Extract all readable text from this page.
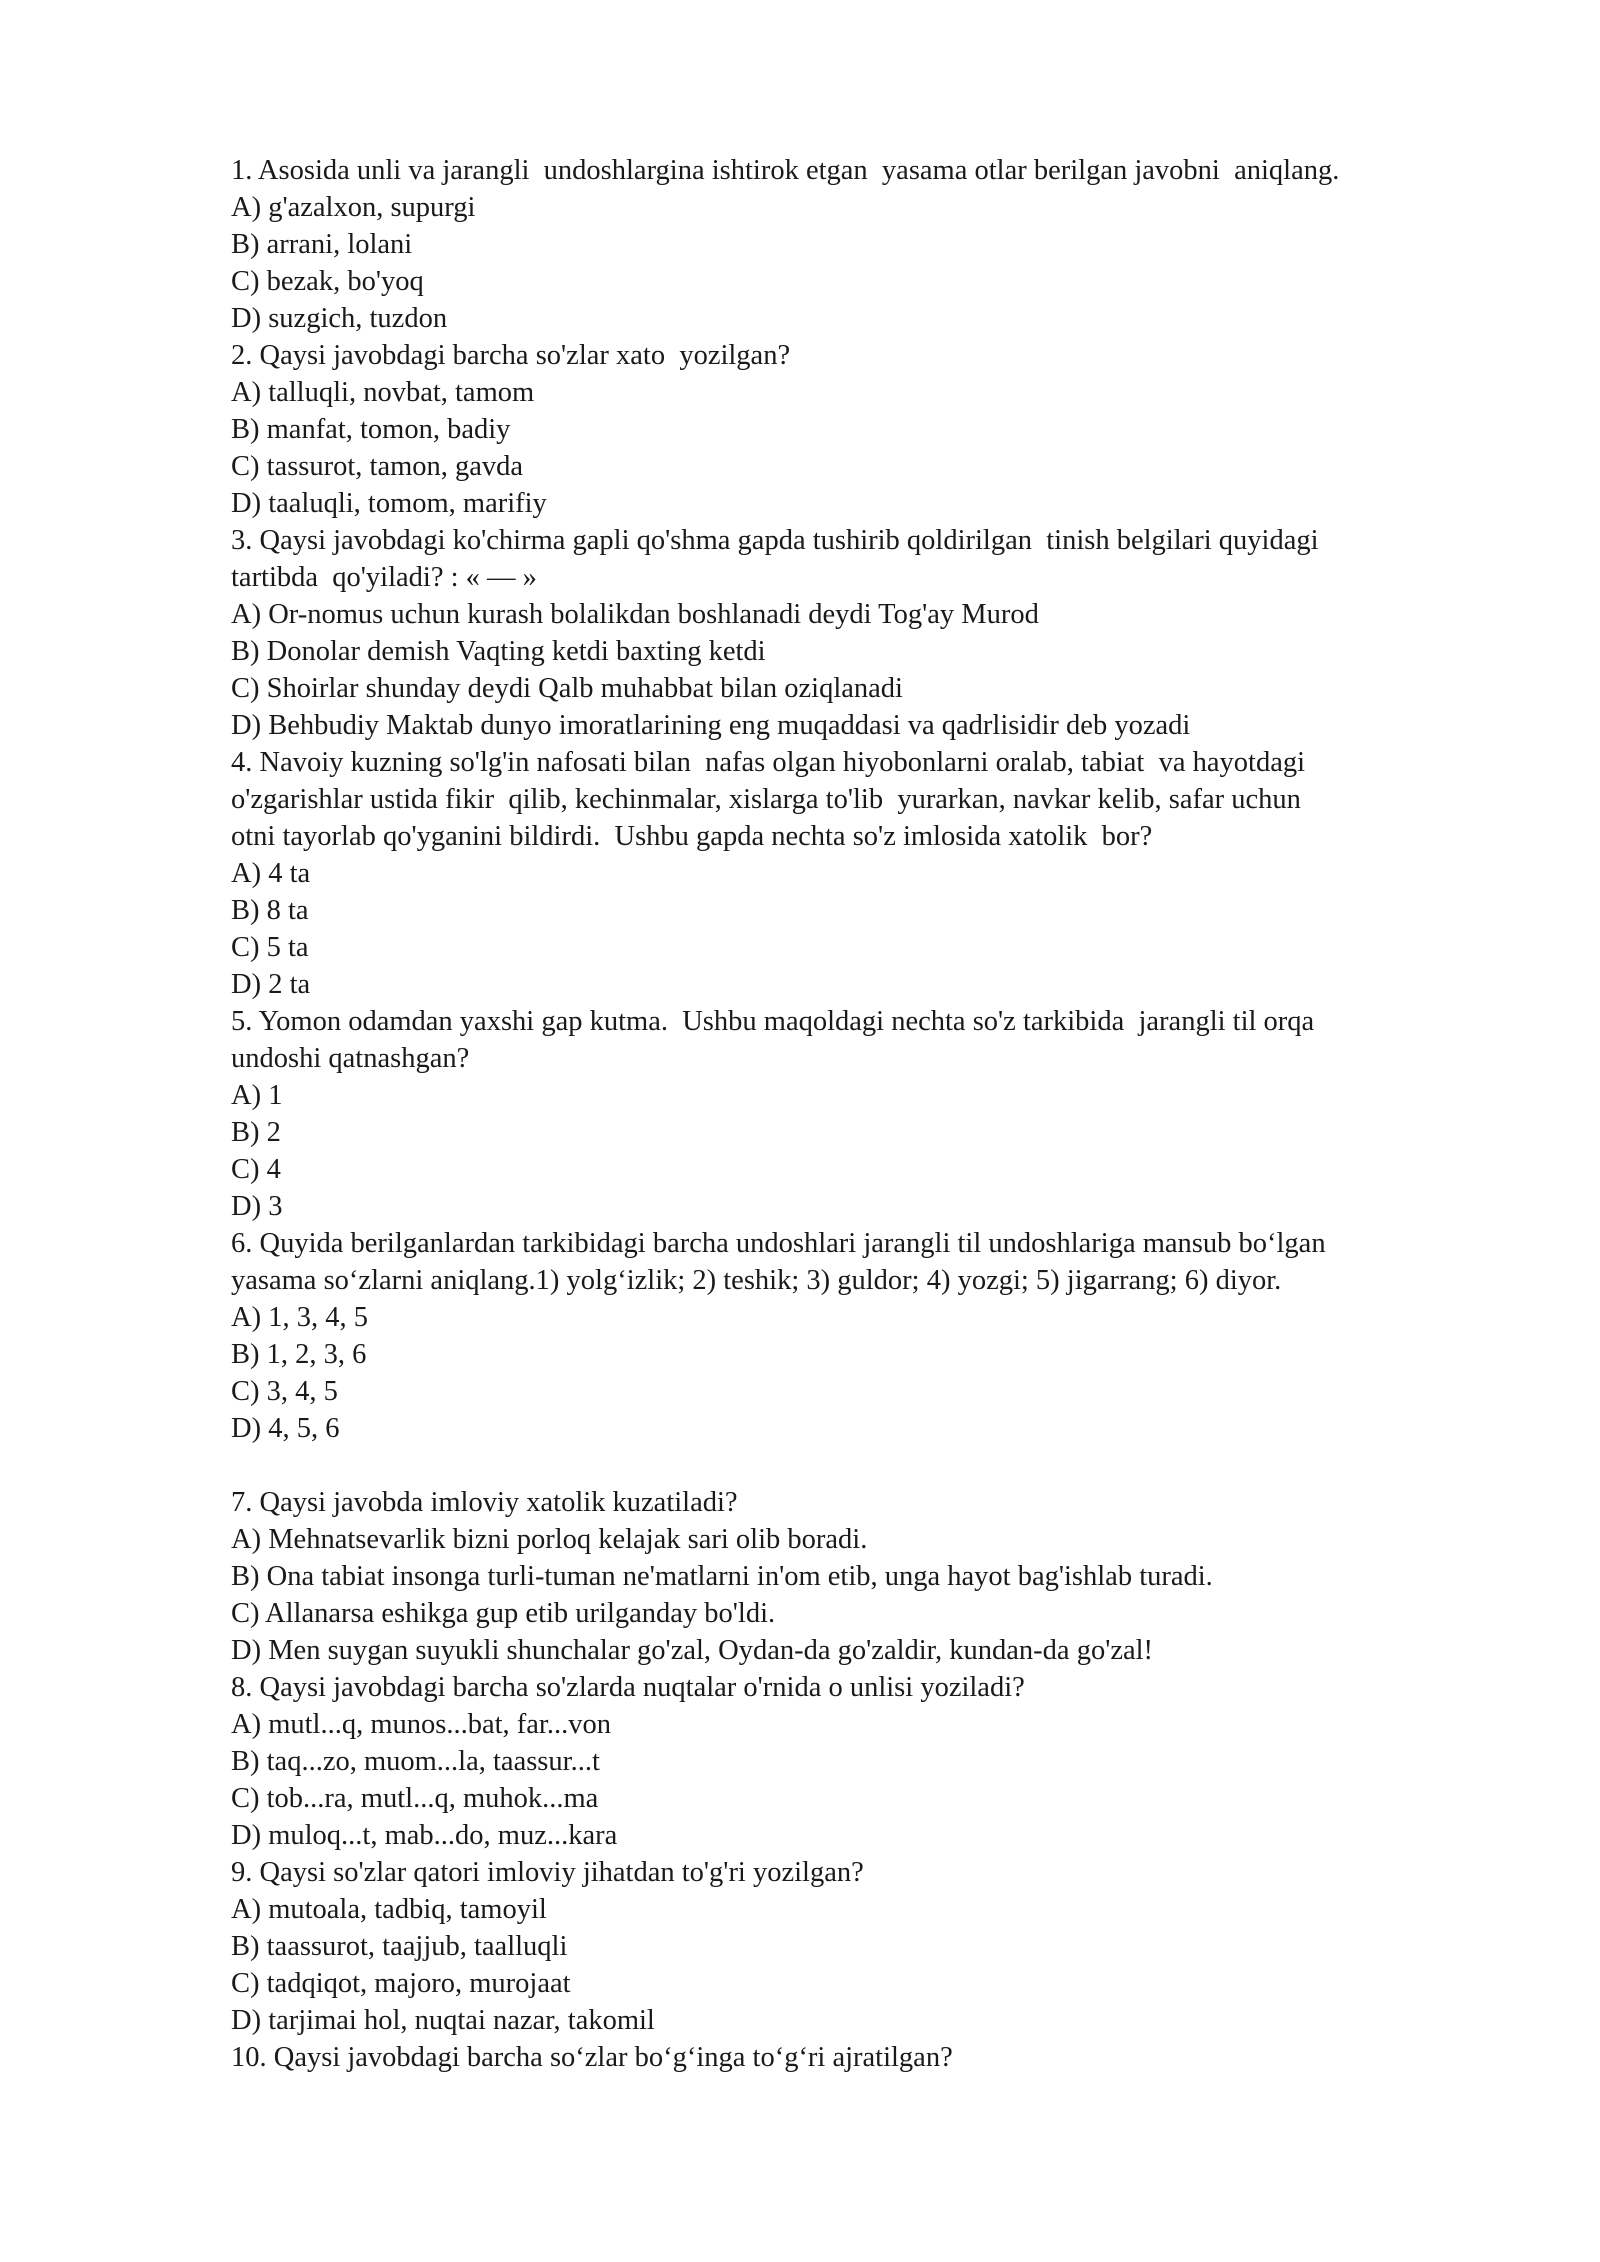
1. Asosida unli va jarangli  undoshlargina ishtirok etgan  yasama otlar berilgan javobni  aniqlang.
A) g'azalxon, supurgi
B) arrani, lolani
C) bezak, bo'yoq
D) suzgich, tuzdon
2. Qaysi javobdagi barcha so'zlar xato  yozilgan?
A) talluqli, novbat, tamom
B) manfat, tomon, badiy
C) tassurot, tamon, gavda
D) taaluqli, tomom, marifiy
3. Qaysi javobdagi ko'chirma gapli qo'shma gapda tushirib qoldirilgan  tinish belgilari quyidagi
tartibda  qo'yiladi? : « — »
A) Or-nomus uchun kurash bolalikdan boshlanadi deydi Tog'ay Murod
B) Donolar demish Vaqting ketdi baxting ketdi
C) Shoirlar shunday deydi Qalb muhabbat bilan oziqlanadi
D) Behbudiy Maktab dunyo imoratlarining eng muqaddasi va qadrlisidir deb yozadi
4. Navoiy kuzning so'lg'in nafosati bilan  nafas olgan hiyobonlarni oralab, tabiat  va hayotdagi
o'zgarishlar ustida fikir  qilib, kechinmalar, xislarga to'lib  yurarkan, navkar kelib, safar uchun
otni tayorlab qo'yganini bildirdi.  Ushbu gapda nechta so'z imlosida xatolik  bor?
A) 4 ta
B) 8 ta
C) 5 ta
D) 2 ta
5. Yomon odamdan yaxshi gap kutma.  Ushbu maqoldagi nechta so'z tarkibida  jarangli til orqa
undoshi qatnashgan?
A) 1
B) 2
C) 4
D) 3
6. Quyida berilganlardan tarkibidagi barcha undoshlari jarangli til undoshlariga mansub bo‘lgan
yasama so‘zlarni aniqlang.1) yolg‘izlik; 2) teshik; 3) guldor; 4) yozgi; 5) jigarrang; 6) diyor.
A) 1, 3, 4, 5
B) 1, 2, 3, 6
C) 3, 4, 5
D) 4, 5, 6
7. Qaysi javobda imloviy xatolik kuzatiladi?
A) Mehnatsevarlik bizni porloq kelajak sari olib boradi.
B) Ona tabiat insonga turli-tuman ne'matlarni in'om etib, unga hayot bag'ishlab turadi.
C) Allanarsa eshikga gup etib urilganday bo'ldi.
D) Men suygan suyukli shunchalar go'zal, Oydan-da go'zaldir, kundan-da go'zal!
8. Qaysi javobdagi barcha so'zlarda nuqtalar o'rnida o unlisi yoziladi?
A) mutl...q, munos...bat, far...von
B) taq...zo, muom...la, taassur...t
C) tob...ra, mutl...q, muhok...ma
D) muloq...t, mab...do, muz...kara
9. Qaysi so'zlar qatori imloviy jihatdan to'g'ri yozilgan?
A) mutoala, tadbiq, tamoyil
B) taassurot, taajjub, taalluqli
C) tadqiqot, majoro, murojaat
D) tarjimai hol, nuqtai nazar, takomil
10. Qaysi javobdagi barcha so‘zlar bo‘g‘inga to‘g‘ri ajratilgan?
